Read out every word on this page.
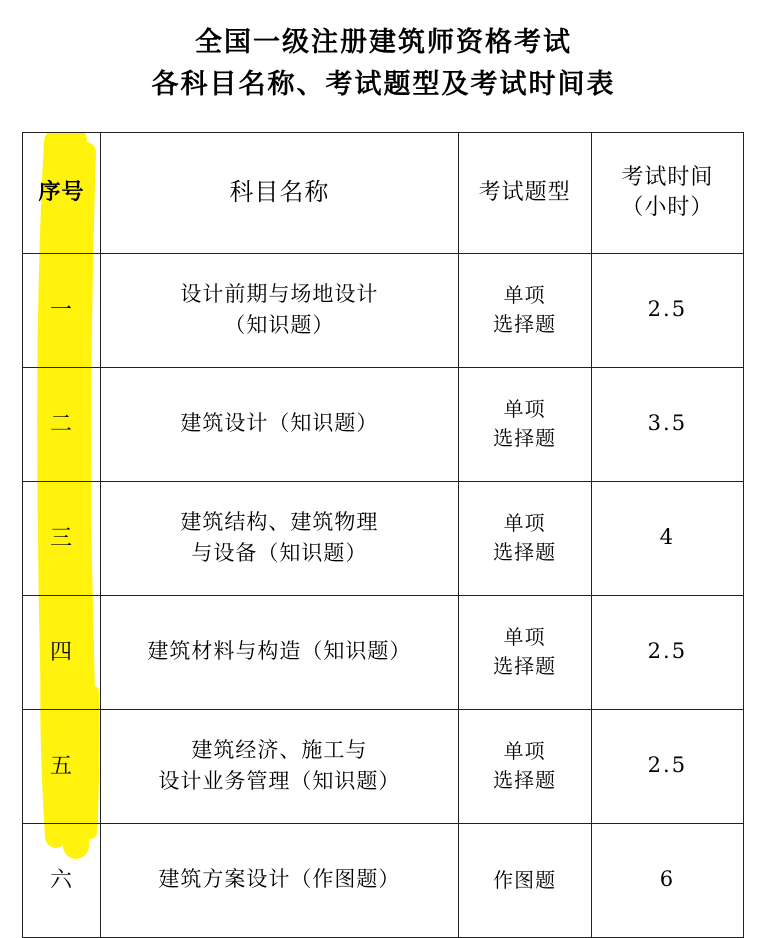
全国一级注册建筑师资格考试
各科目名称、考试题型及考试时间表
序号	科目名称	考试题型	考试时间
（小时）

一	设计前期与场地设计
（知识题）	单项
选择题	2.5
二	建筑设计（知识题）	单项
选择题	3.5
三	建筑结构、建筑物理
与设备（知识题）	单项
选择题	4
四	建筑材料与构造（知识题）	单项
选择题	2.5
五	建筑经济、施工与
设计业务管理（知识题）	单项
选择题	2.5
六	建筑方案设计（作图题）	作图题	6
